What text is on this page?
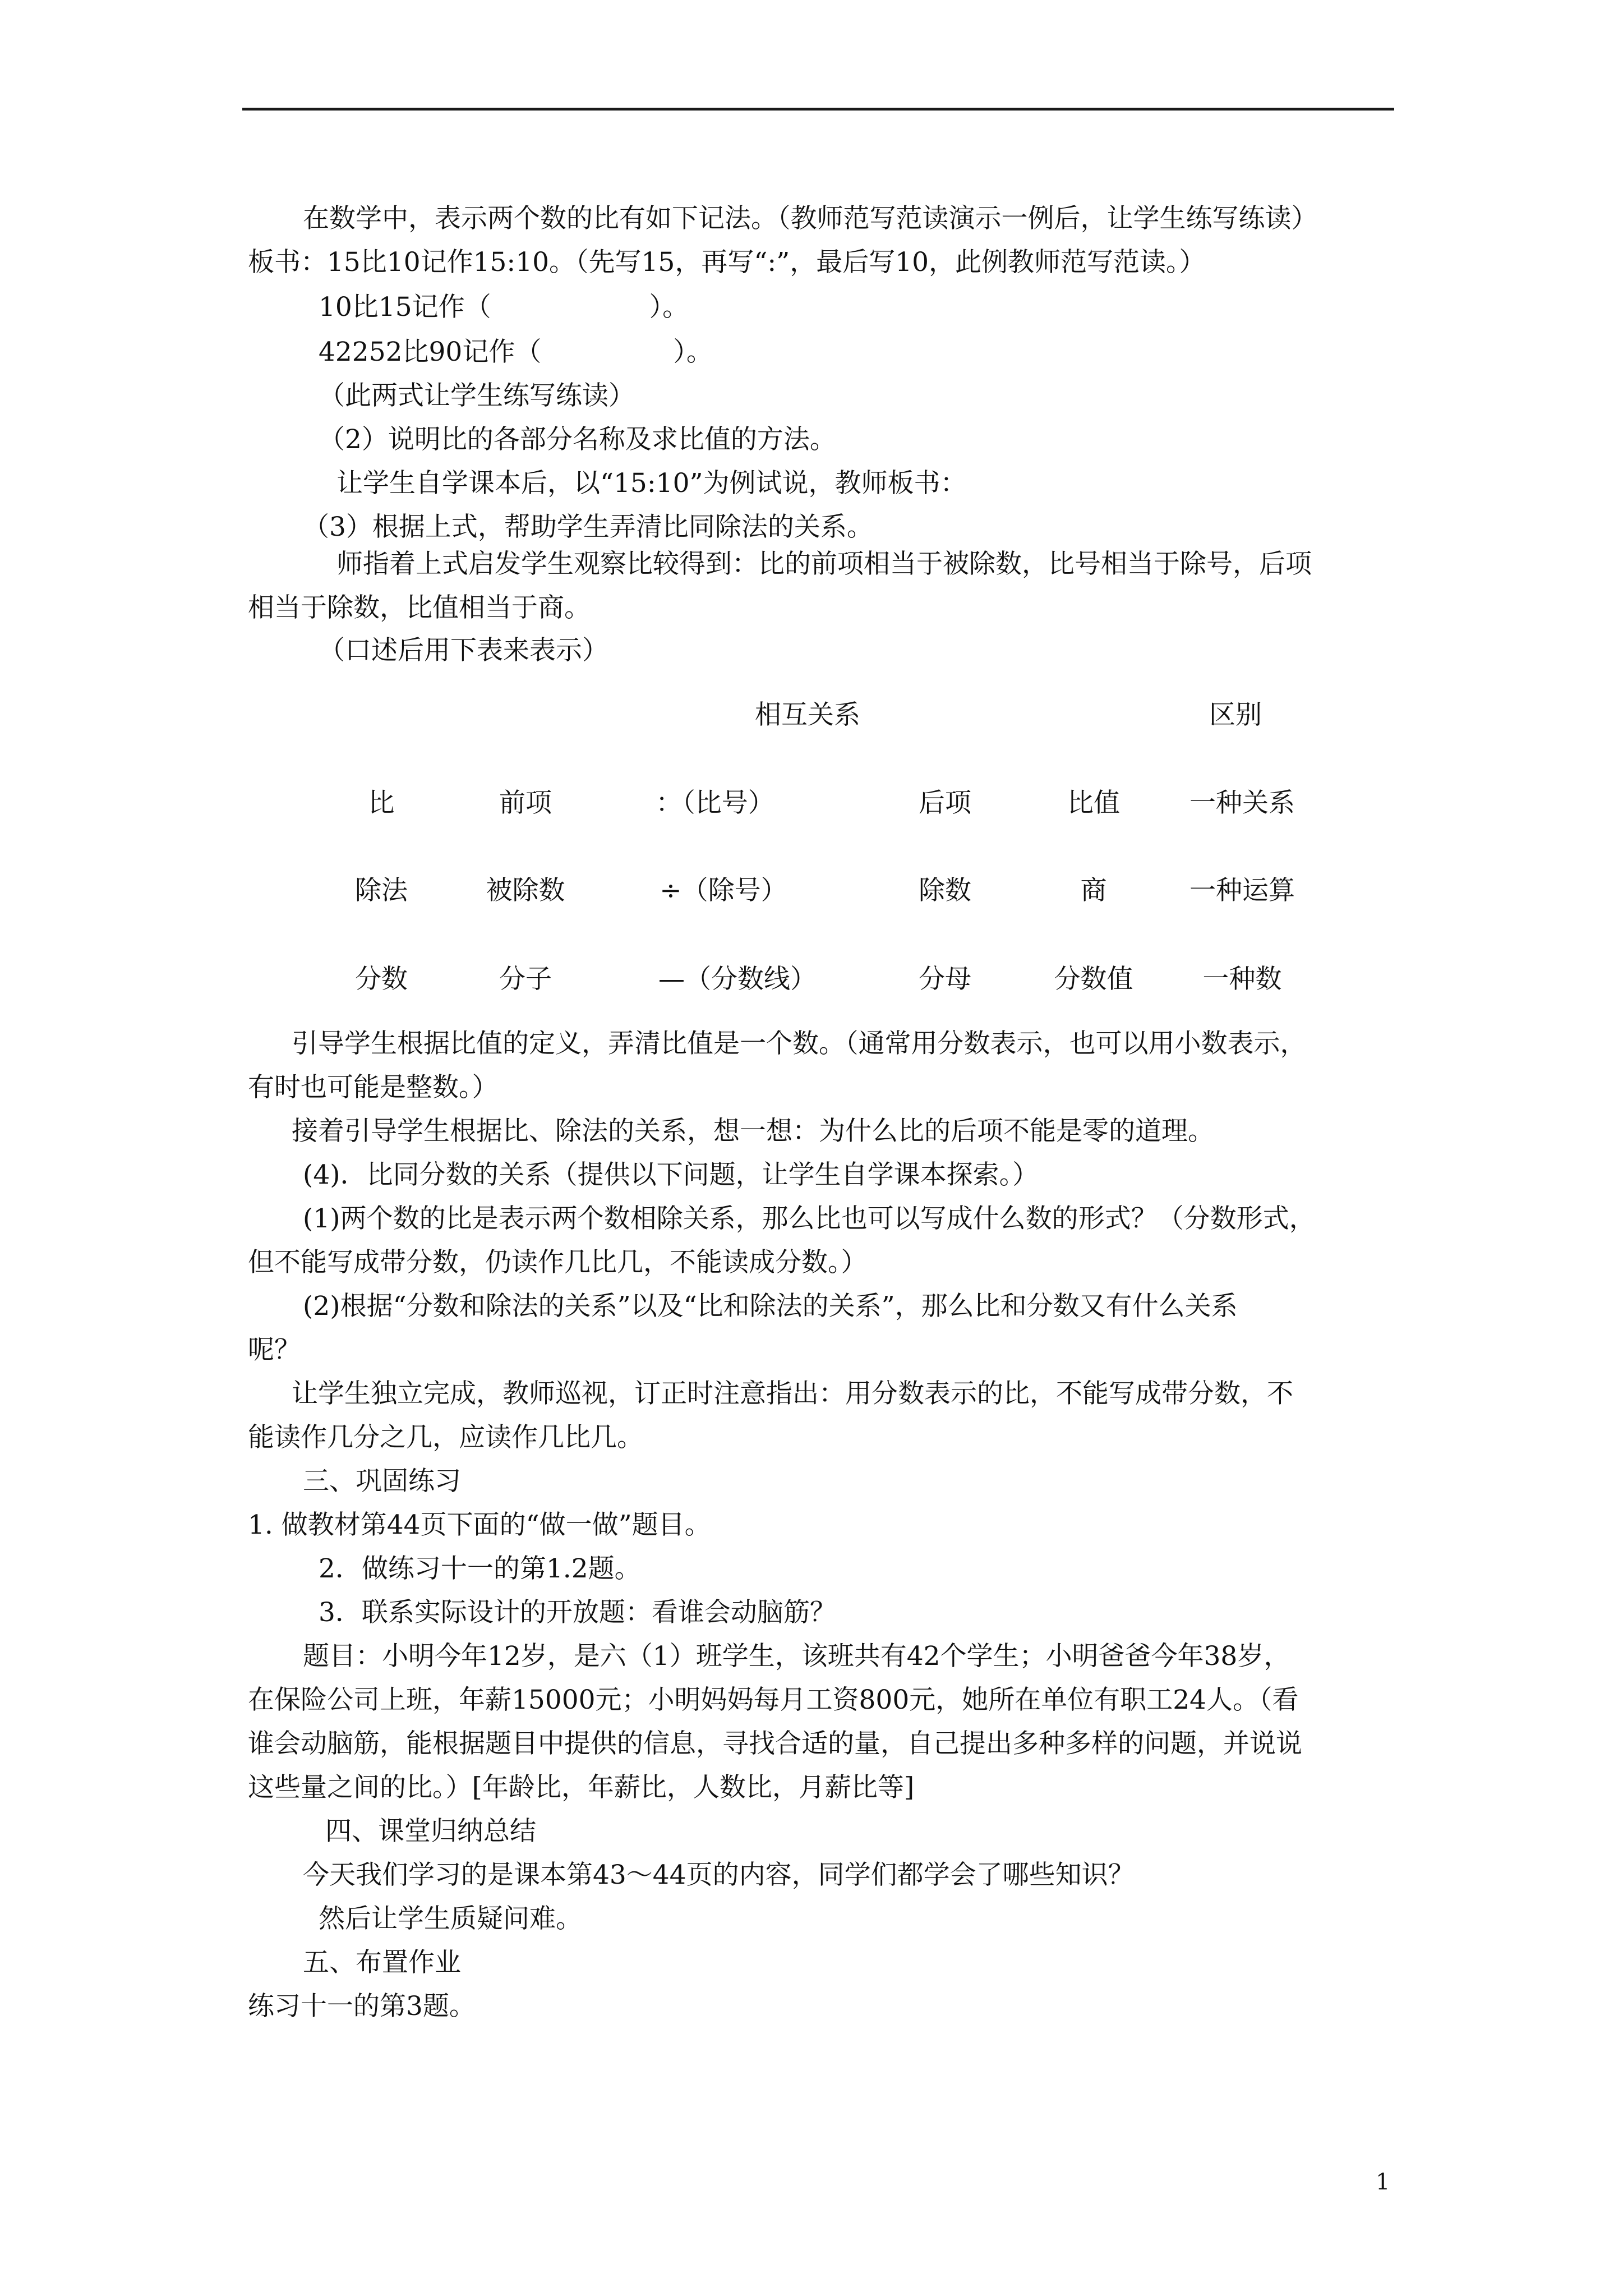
在数学中，表示两个数的比有如下记法。（教师范写范读演示一例后，让学生练写练读）
板书：15比10记作15:10。（先写15，再写“:”，最后写10，此例教师范写范读。）
10比15记作（　　　　　　）。
42252比90记作（　　　　　）。
（此两式让学生练写练读）
（2）说明比的各部分名称及求比值的方法。
让学生自学课本后，以“15:10”为例试说，教师板书：
（3）根据上式，帮助学生弄清比同除法的关系。
师指着上式启发学生观察比较得到：比的前项相当于被除数，比号相当于除号，后项
相当于除数，比值相当于商。
（口述后用下表来表示）
相互关系	区别
比	前项	：（比号）	后项	比值	一种关系
除法	被除数	÷（除号）	除数	商	一种运算
分数	分子	—（分数线）	分母	分数值	一种数
引导学生根据比值的定义，弄清比值是一个数。（通常用分数表示，也可以用小数表示，
有时也可能是整数。）
接着引导学生根据比、除法的关系，想一想：为什么比的后项不能是零的道理。
(4)．比同分数的关系（提供以下问题，让学生自学课本探索。）
(1)两个数的比是表示两个数相除关系，那么比也可以写成什么数的形式？（分数形式，
但不能写成带分数，仍读作几比几，不能读成分数。）
(2)根据“分数和除法的关系”以及“比和除法的关系”，那么比和分数又有什么关系
呢？
让学生独立完成，教师巡视，订正时注意指出：用分数表示的比，不能写成带分数，不
能读作几分之几，应读作几比几。
三、巩固练习
1. 做教材第44页下面的“做一做”题目。
2．做练习十一的第1.2题。
3．联系实际设计的开放题：看谁会动脑筋？
题目：小明今年12岁，是六（1）班学生，该班共有42个学生；小明爸爸今年38岁，
在保险公司上班，年薪15000元；小明妈妈每月工资800元，她所在单位有职工24人。（看
谁会动脑筋，能根据题目中提供的信息，寻找合适的量，自己提出多种多样的问题，并说说
这些量之间的比。）[年龄比，年薪比，人数比，月薪比等]
四、课堂归纳总结
今天我们学习的是课本第43～44页的内容，同学们都学会了哪些知识？
然后让学生质疑问难。
五、布置作业
练习十一的第3题。
1
